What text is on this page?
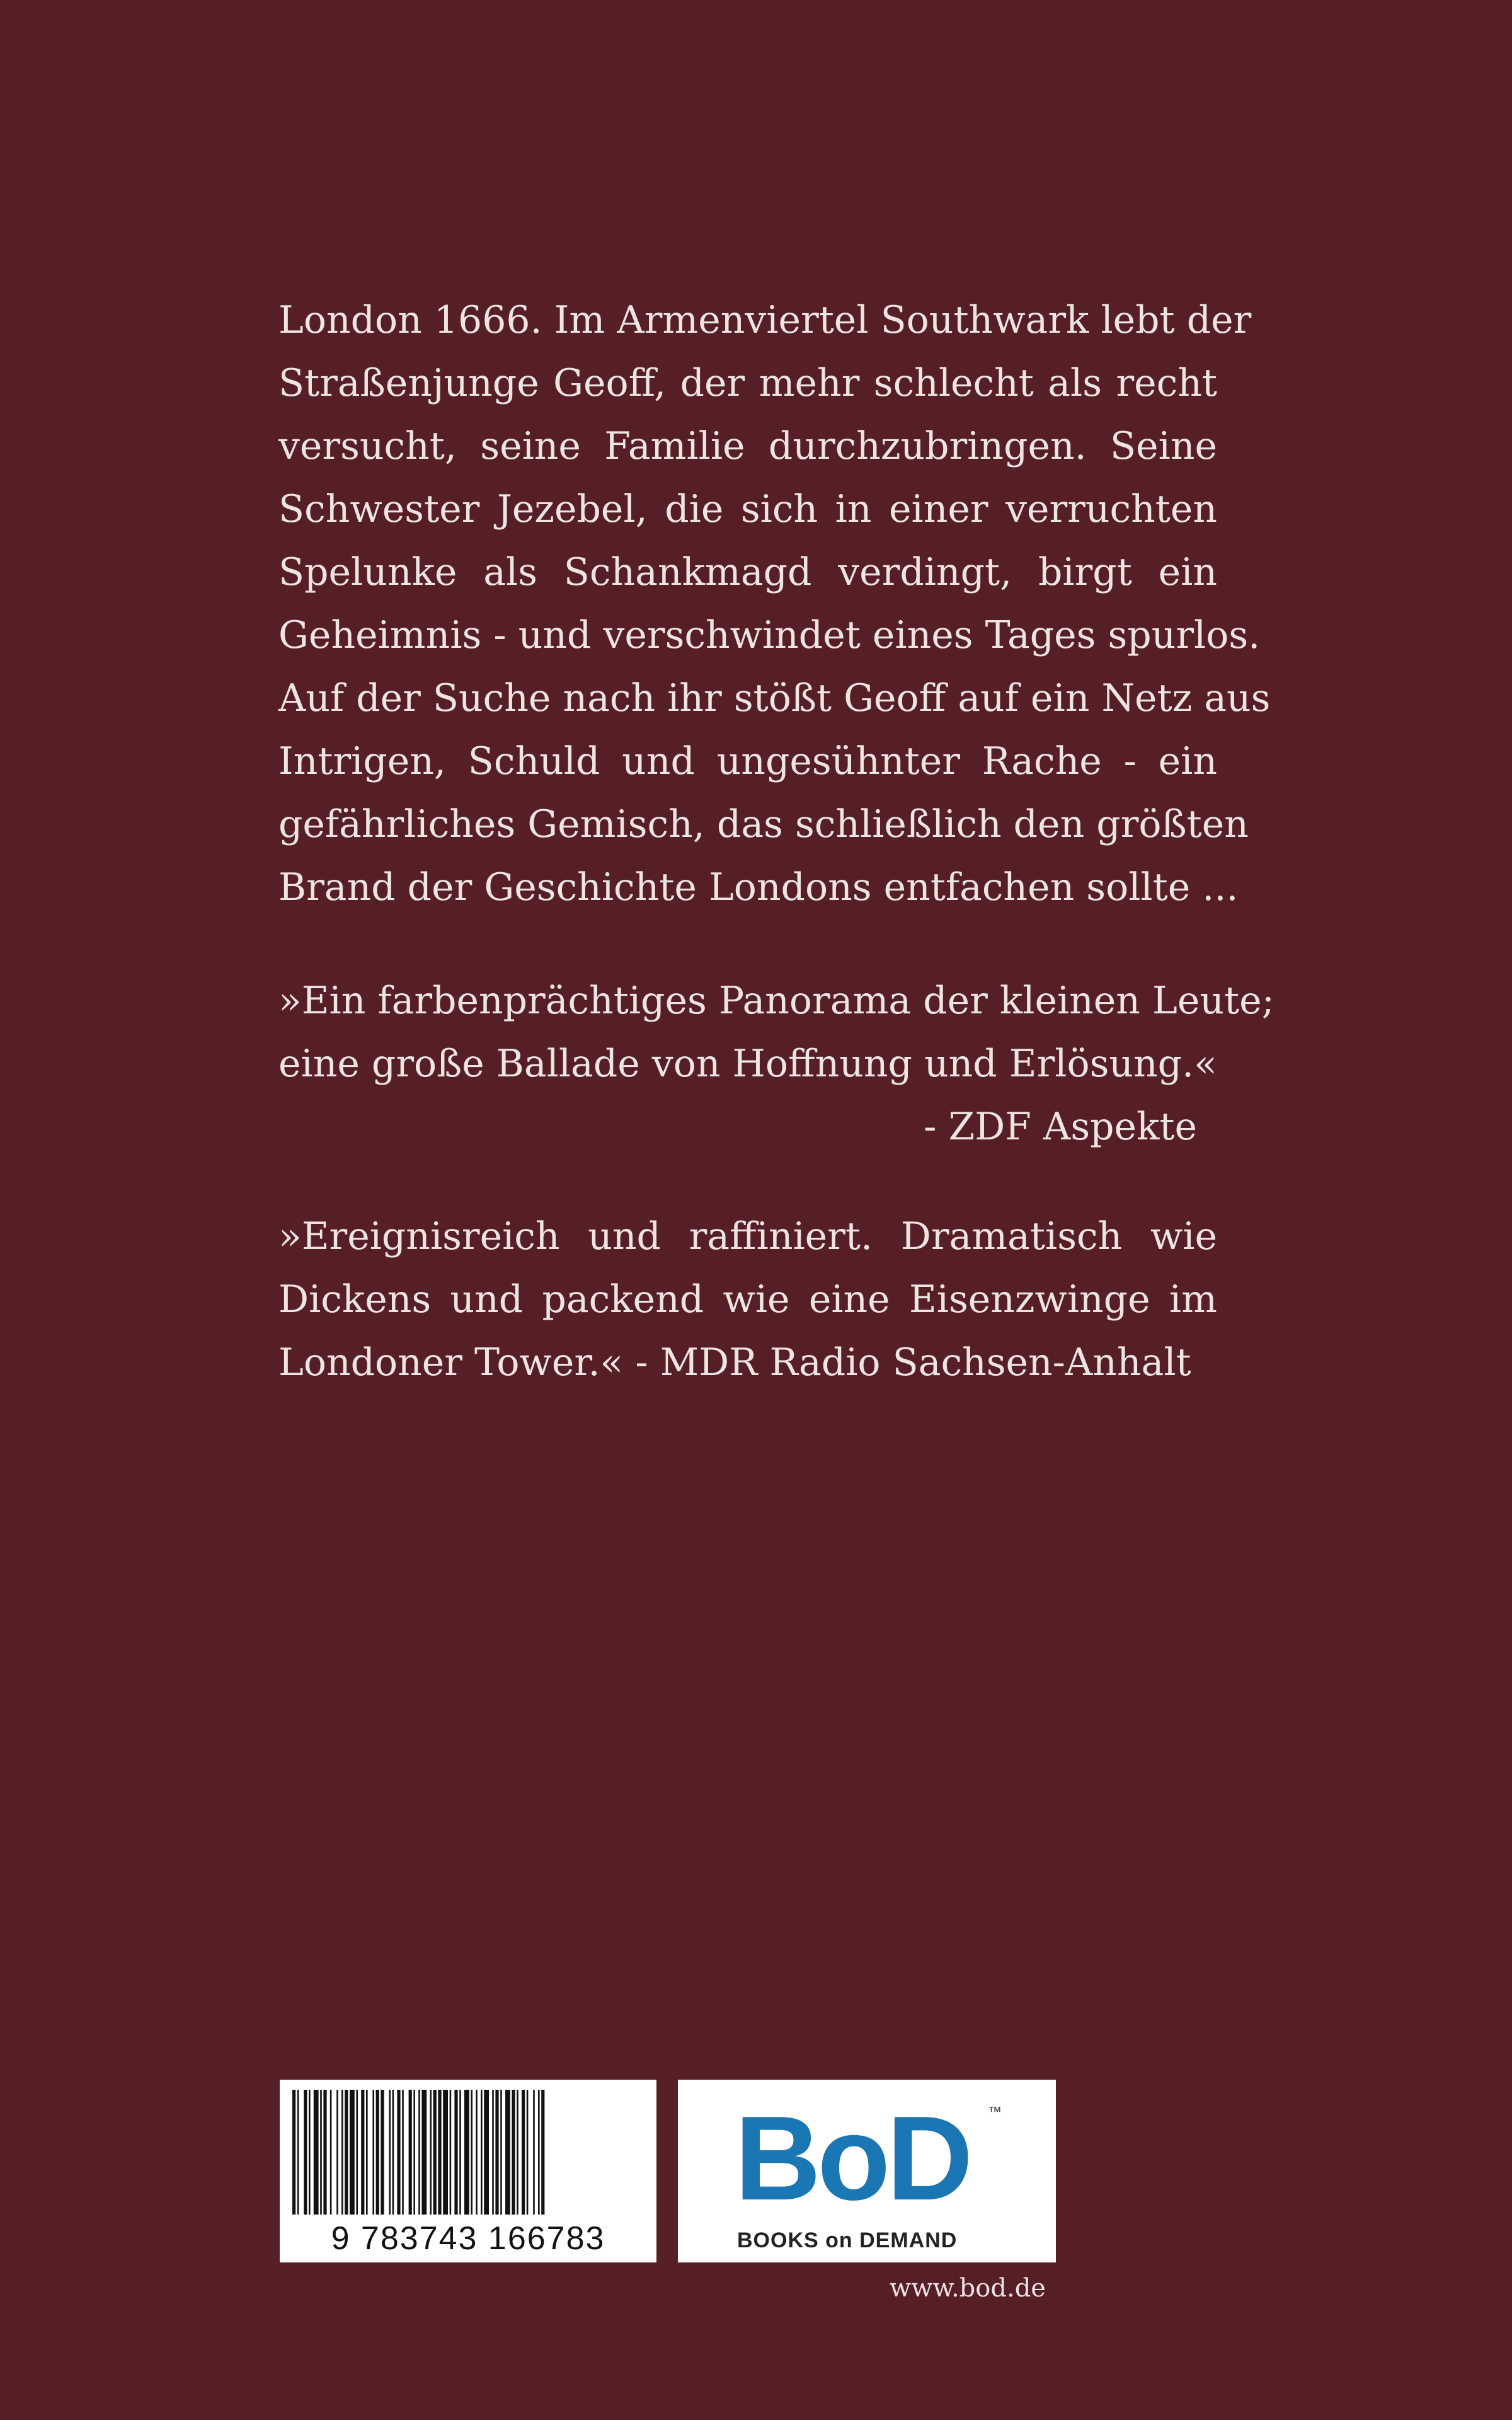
London 1666. Im Armenviertel Southwark lebt der
Straßenjunge Geoff, der mehr schlecht als recht
versucht, seine Familie durchzubringen. Seine
Schwester Jezebel, die sich in einer verruchten
Spelunke als Schankmagd verdingt, birgt ein
Geheimnis - und verschwindet eines Tages spurlos.
Auf der Suche nach ihr stößt Geoff auf ein Netz aus
Intrigen, Schuld und ungesühnter Rache - ein
gefährliches Gemisch, das schließlich den größten
Brand der Geschichte Londons entfachen sollte ...
»Ein farbenprächtiges Panorama der kleinen Leute;
eine große Ballade von Hoffnung und Erlösung.«
- ZDF Aspekte
»Ereignisreich und raffiniert. Dramatisch wie
Dickens und packend wie eine Eisenzwinge im
Londoner Tower.« - MDR Radio Sachsen-Anhalt
9 783743 166783
BoD ™
BOOKS on DEMAND
www.bod.de
